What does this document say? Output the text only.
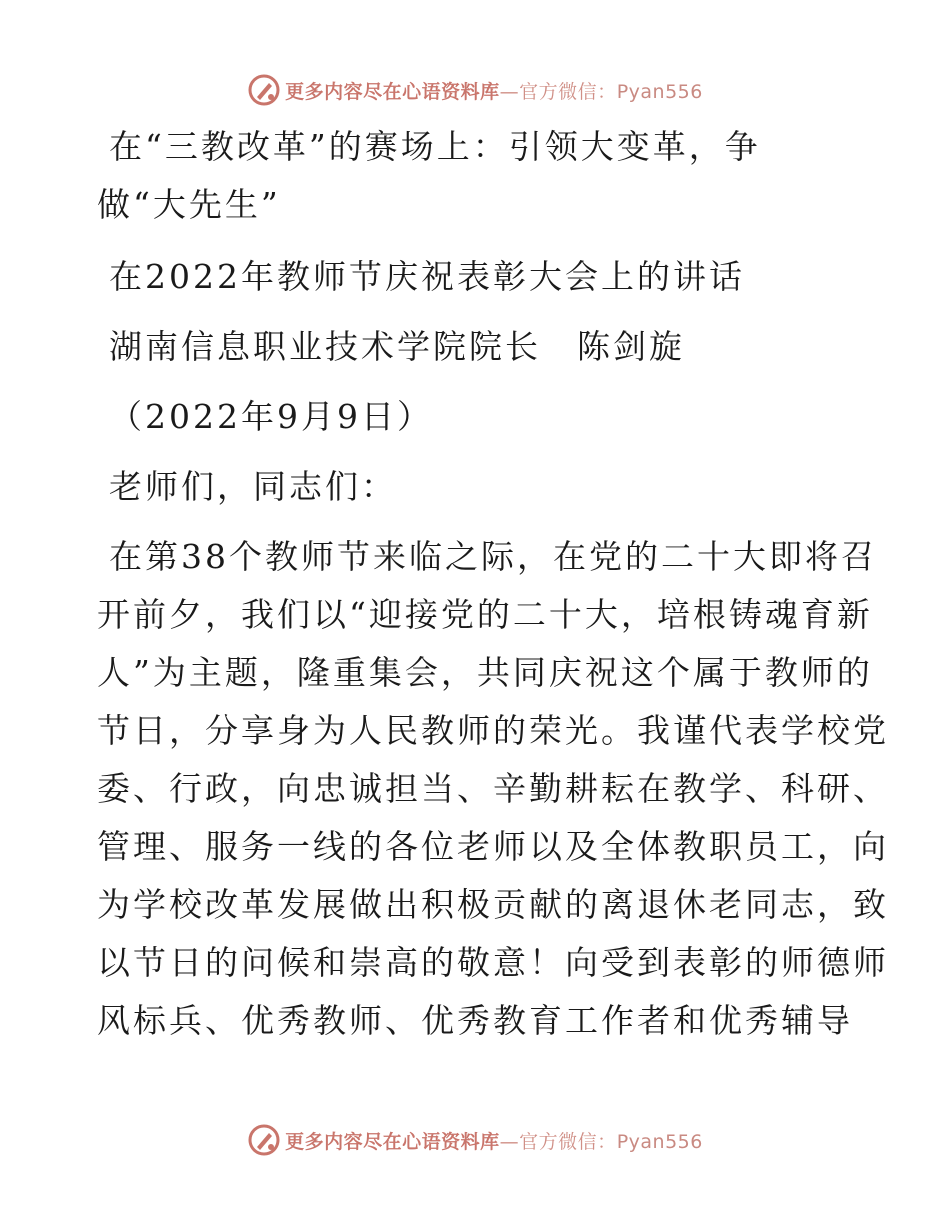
更多内容尽在心语资料库—官方微信：Pyan556
在“三教改革”的赛场上：引领大变革，争
做“大先生”
在2022年教师节庆祝表彰大会上的讲话
湖南信息职业技术学院院长　陈剑旋
（2022年9月9日）
老师们，同志们：
在第38个教师节来临之际，在党的二十大即将召
开前夕，我们以“迎接党的二十大，培根铸魂育新
人”为主题，隆重集会，共同庆祝这个属于教师的
节日，分享身为人民教师的荣光。我谨代表学校党
委、行政，向忠诚担当、辛勤耕耘在教学、科研、
管理、服务一线的各位老师以及全体教职员工，向
为学校改革发展做出积极贡献的离退休老同志，致
以节日的问候和崇高的敬意！向受到表彰的师德师
风标兵、优秀教师、优秀教育工作者和优秀辅导
更多内容尽在心语资料库—官方微信：Pyan556
